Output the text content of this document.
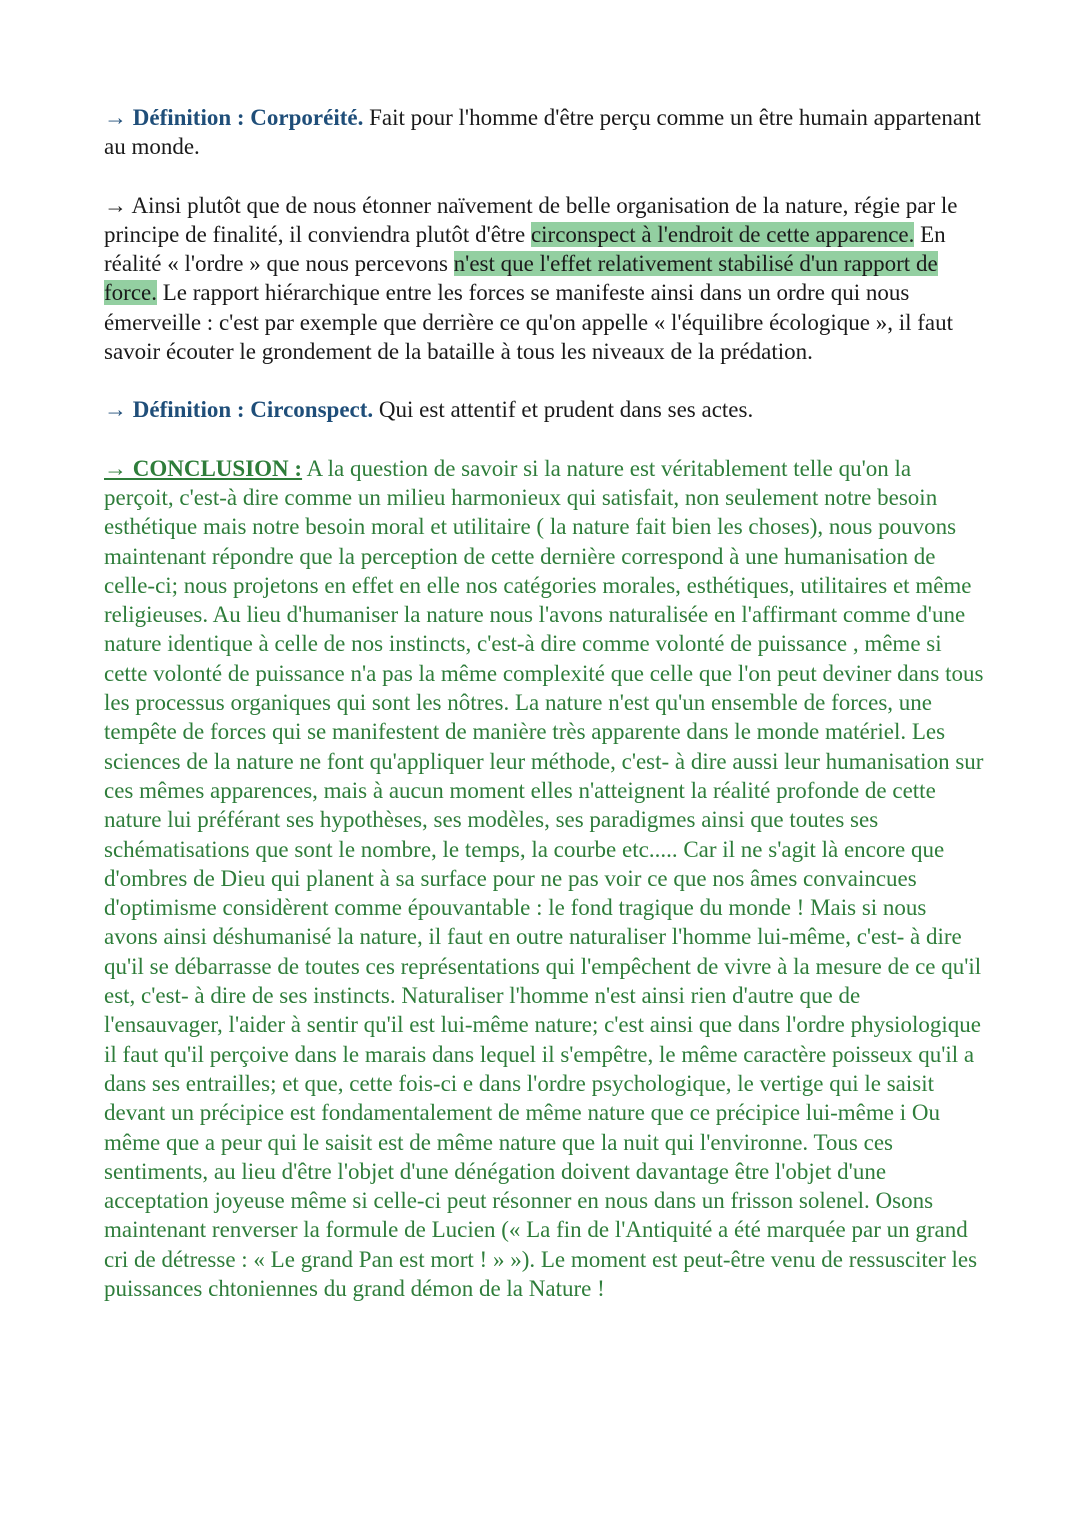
→ Définition : Corporéité. Fait pour l'homme d'être perçu comme un être humain appartenant au monde.

→ Ainsi plutôt que de nous étonner naïvement de belle organisation de la nature, régie par le principe de finalité, il conviendra plutôt d'être circonspect à l'endroit de cette apparence. En réalité « l'ordre » que nous percevons n'est que l'effet relativement stabilisé d'un rapport de force. Le rapport hiérarchique entre les forces se manifeste ainsi dans un ordre qui nous émerveille : c'est par exemple que derrière ce qu'on appelle « l'équilibre écologique », il faut savoir écouter le grondement de la bataille à tous les niveaux de la prédation.

→ Définition : Circonspect. Qui est attentif et prudent dans ses actes.

→ CONCLUSION : A la question de savoir si la nature est véritablement telle qu'on la perçoit, c'est-à dire comme un milieu harmonieux qui satisfait, non seulement notre besoin esthétique mais notre besoin moral et utilitaire ( la nature fait bien les choses), nous pouvons maintenant répondre que la perception de cette dernière correspond à une humanisation de celle-ci; nous projetons en effet en elle nos catégories morales, esthétiques, utilitaires et même religieuses. Au lieu d'humaniser la nature nous l'avons naturalisée en l'affirmant comme d'une nature identique à celle de nos instincts, c'est-à dire comme volonté de puissance , même si cette volonté de puissance n'a pas la même complexité que celle que l'on peut deviner dans tous les processus organiques qui sont les nôtres. La nature n'est qu'un ensemble de forces, une tempête de forces qui se manifestent de manière très apparente dans le monde matériel. Les sciences de la nature ne font qu'appliquer leur méthode, c'est- à dire aussi leur humanisation sur ces mêmes apparences, mais à aucun moment elles n'atteignent la réalité profonde de cette nature lui préférant ses hypothèses, ses modèles, ses paradigmes ainsi que toutes ses schématisations que sont le nombre, le temps, la courbe etc..... Car il ne s'agit là encore que d'ombres de Dieu qui planent à sa surface pour ne pas voir ce que nos âmes convaincues d'optimisme considèrent comme épouvantable : le fond tragique du monde ! Mais si nous avons ainsi déshumanisé la nature, il faut en outre naturaliser l'homme lui-même, c'est- à dire qu'il se débarrasse de toutes ces représentations qui l'empêchent de vivre à la mesure de ce qu'il est, c'est- à dire de ses instincts. Naturaliser l'homme n'est ainsi rien d'autre que de l'ensauvager, l'aider à sentir qu'il est lui-même nature; c'est ainsi que dans l'ordre physiologique il faut qu'il perçoive dans le marais dans lequel il s'empêtre, le même caractère poisseux qu'il a dans ses entrailles; et que, cette fois-ci e dans l'ordre psychologique, le vertige qui le saisit devant un précipice est fondamentalement de même nature que ce précipice lui-même i Ou même que a peur qui le saisit est de même nature que la nuit qui l'environne. Tous ces sentiments, au lieu d'être l'objet d'une dénégation doivent davantage être l'objet d'une acceptation joyeuse même si celle-ci peut résonner en nous dans un frisson solenel. Osons maintenant renverser la formule de Lucien (« La fin de l'Antiquité a été marquée par un grand cri de détresse : « Le grand Pan est mort ! » »). Le moment est peut-être venu de ressusciter les puissances chtoniennes du grand démon de la Nature !
